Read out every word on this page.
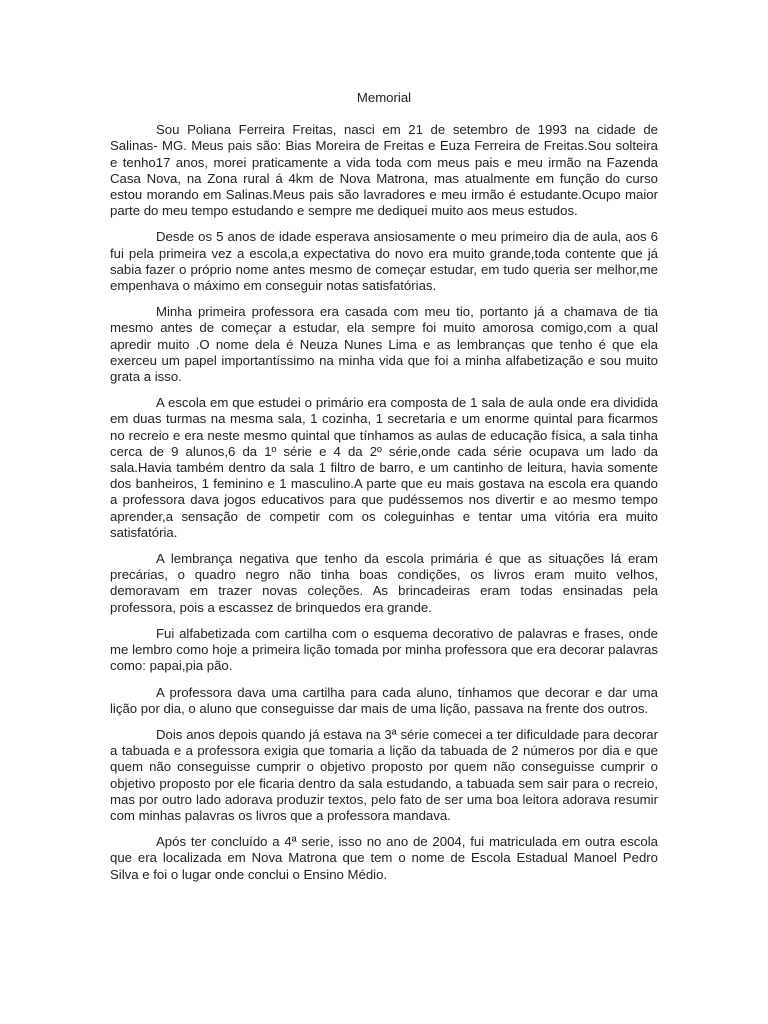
Memorial

Sou Poliana Ferreira Freitas, nasci em 21 de setembro de 1993 na cidade de Salinas- MG. Meus pais são: Bias Moreira de Freitas e Euza Ferreira de Freitas.Sou solteira e tenho17 anos, morei praticamente a vida toda com meus pais e meu irmão na Fazenda Casa Nova, na Zona rural á 4km de Nova Matrona, mas atualmente em função do curso estou morando em Salinas.Meus pais são lavradores e meu irmão é estudante.Ocupo maior parte do meu tempo estudando e sempre me dediquei muito aos meus estudos.

Desde os 5 anos de idade esperava ansiosamente o meu primeiro dia de aula, aos 6 fui pela primeira vez a escola,a expectativa do novo era muito grande,toda contente que já sabia fazer o próprio nome antes mesmo de começar estudar, em tudo queria ser melhor,me empenhava o máximo em conseguir notas satisfatórias.

Minha primeira professora era casada com meu tio, portanto já a chamava de tia mesmo antes de começar a estudar, ela sempre foi muito amorosa comigo,com a qual apredir muito .O nome dela é Neuza Nunes Lima e as lembranças que tenho é que ela exerceu um papel importantíssimo na minha vida que foi a minha alfabetização e sou muito grata a isso.

A escola em que estudei o primário era composta de 1 sala de aula onde era dividida em duas turmas na mesma sala, 1 cozinha, 1 secretaria e um enorme quintal para ficarmos no recreio e era neste mesmo quintal que tínhamos as aulas de educação física, a sala tinha cerca de 9 alunos,6 da 1º série e 4 da 2º série,onde cada série ocupava um lado da sala.Havia também dentro da sala 1 filtro de barro, e um cantinho de leitura, havia somente dos banheiros, 1 feminino e 1 masculino.A parte que eu mais gostava na escola era quando a professora dava jogos educativos para que pudéssemos nos divertir e ao mesmo tempo aprender,a sensação de competir com os coleguinhas e tentar uma vitória era muito satisfatória.

A lembrança negativa que tenho da escola primária é que as situações lá eram precárias, o quadro negro não tinha boas condições, os livros eram muito velhos, demoravam em trazer novas coleções. As brincadeiras eram todas ensinadas pela professora, pois a escassez de brinquedos era grande.

Fui alfabetizada com cartilha com o esquema decorativo de palavras e frases, onde me lembro como hoje a primeira lição tomada por minha professora que era decorar palavras como: papai,pia pão.

A professora dava uma cartilha para cada aluno, tínhamos que decorar e dar uma lição por dia, o aluno que conseguisse dar mais de uma lição, passava na frente dos outros.

Dois anos depois quando já estava na 3ª série comecei a ter dificuldade para decorar a tabuada e a professora exigia que tomaria a lição da tabuada de 2 números por dia e que quem não conseguisse cumprir o objetivo proposto por quem não conseguisse cumprir o objetivo proposto por ele ficaria dentro da sala estudando, a tabuada sem sair para o recreio, mas por outro lado adorava produzir textos, pelo fato de ser uma boa leitora adorava resumir com minhas palavras os livros que a professora mandava.

Após ter concluído a 4ª serie, isso no ano de 2004, fui matriculada em outra escola que era localizada em Nova Matrona que tem o nome de Escola Estadual Manoel Pedro Silva e foi o lugar onde conclui o Ensino Médio.
